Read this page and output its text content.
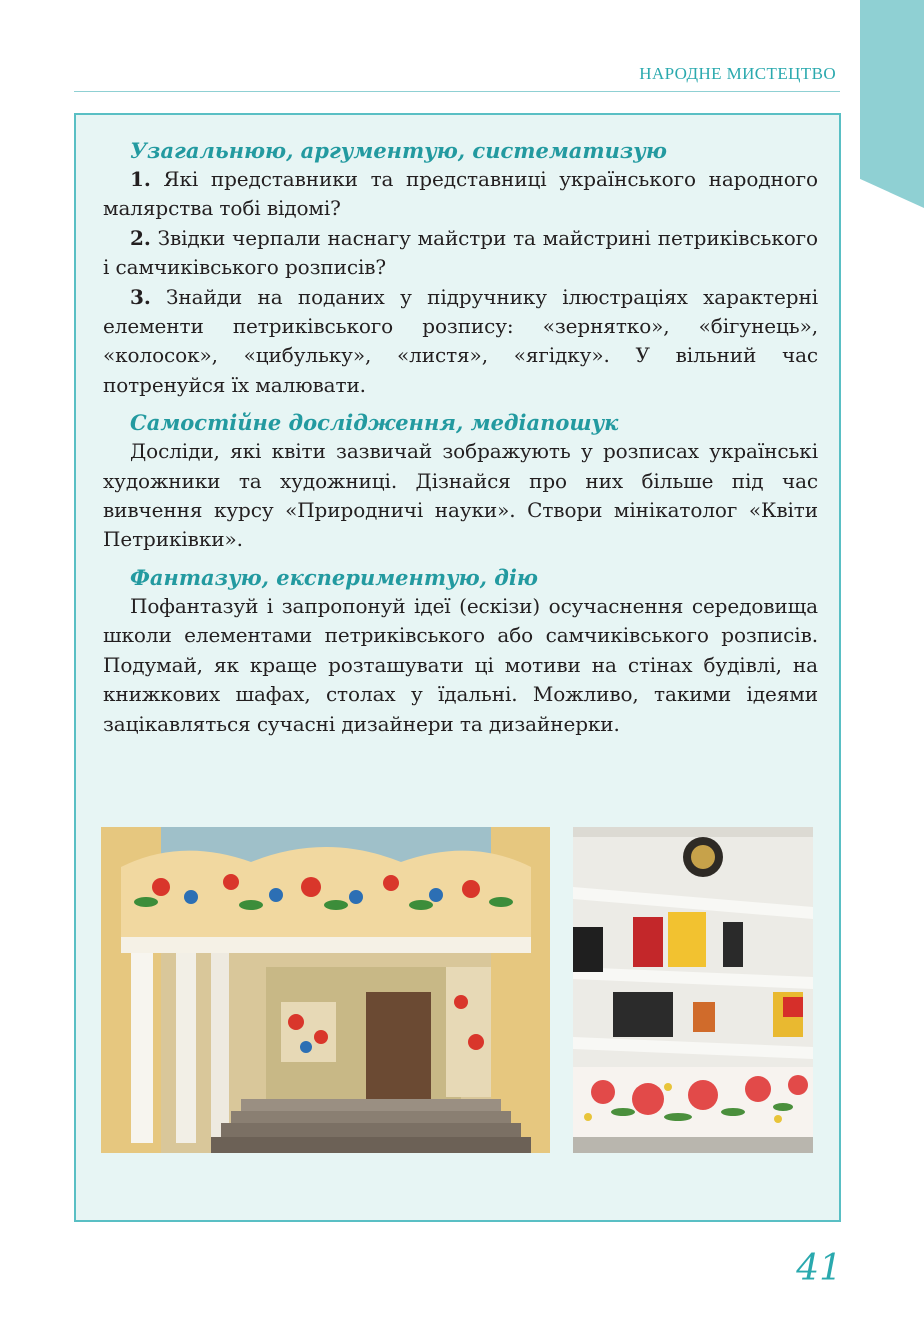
НАРОДНЕ МИСТЕЦТВО

Узагальнюю, аргументую, систематизую

1. Які представники та представниці українського народного малярства тобі відомі?

2. Звідки черпали наснагу майстри та майстрині петриківського і самчиківського розписів?

3. Знайди на поданих у підручнику ілюстраціях характерні елементи петриківського розпису: «зернятко», «бігунець», «колосок», «цибульку», «листя», «ягідку». У вільний час потренуйся їх малювати.

Самостійне дослідження, медіапошук

Досліди, які квіти зазвичай зображують у розписах українські художники та художниці. Дізнайся про них більше під час вивчення курсу «Природничі науки». Створи мінікатолог «Квіти Петриківки».

Фантазую, експериментую, дію

Пофантазуй і запропонуй ідеї (ескізи) осучаснення середовища школи елементами петриківського або самчиківського розписів. Подумай, як краще розташувати ці мотиви на стінах будівлі, на книжкових шафах, столах у їдальні. Можливо, такими ідеями зацікавляться сучасні дизайнери та дизайнерки.

41
